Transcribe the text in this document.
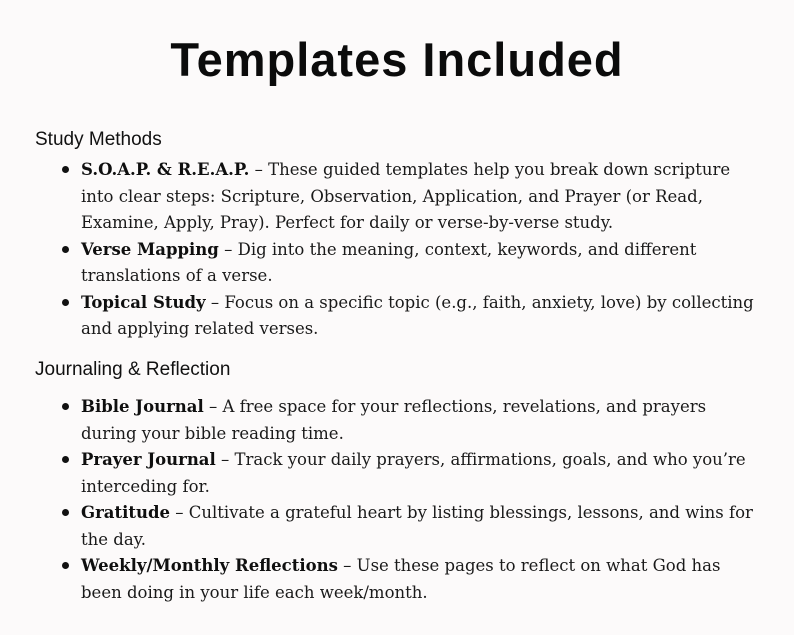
Templates Included
Study Methods
S.O.A.P. & R.E.A.P. – These guided templates help you break down scripture into clear steps: Scripture, Observation, Application, and Prayer (or Read, Examine, Apply, Pray). Perfect for daily or verse-by-verse study.
Verse Mapping – Dig into the meaning, context, keywords, and different translations of a verse.
Topical Study – Focus on a specific topic (e.g., faith, anxiety, love) by collecting and applying related verses.
Journaling & Reflection
Bible Journal – A free space for your reflections, revelations, and prayers during your bible reading time.
Prayer Journal – Track your daily prayers, affirmations, goals, and who you’re interceding for.
Gratitude – Cultivate a grateful heart by listing blessings, lessons, and wins for the day.
Weekly/Monthly Reflections – Use these pages to reflect on what God has been doing in your life each week/month.
